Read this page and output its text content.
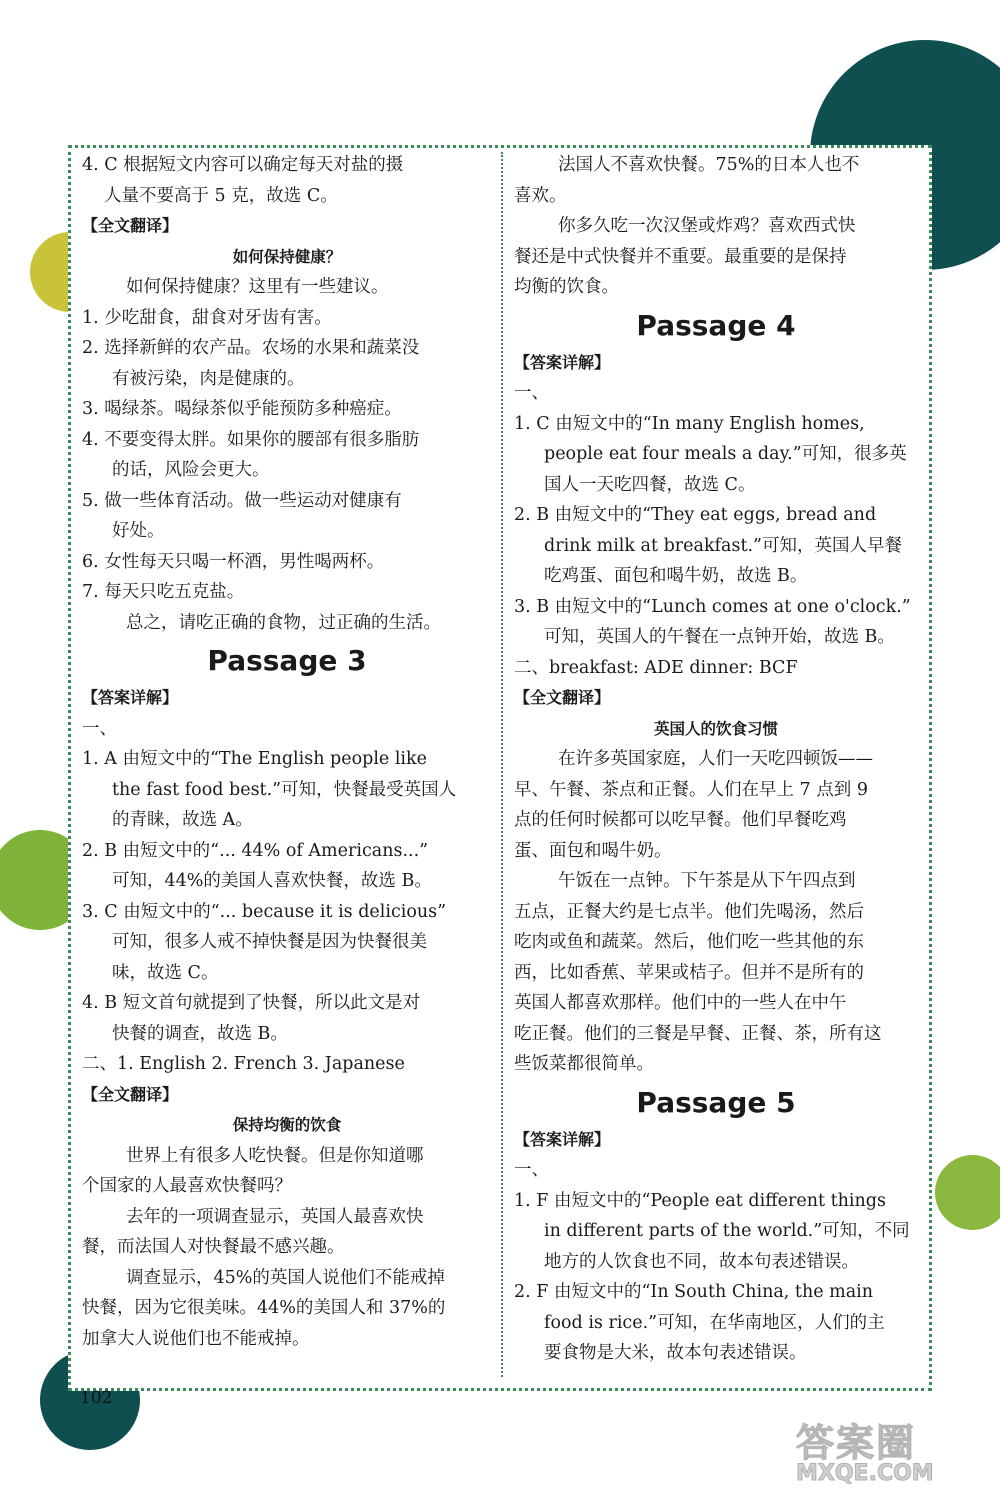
4. C 根据短文内容可以确定每天对盐的摄
人量不要高于 5 克，故选 C。
【全文翻译】
如何保持健康？
如何保持健康？这里有一些建议。
1. 少吃甜食，甜食对牙齿有害。
2. 选择新鲜的农产品。农场的水果和蔬菜没
有被污染，肉是健康的。
3. 喝绿茶。喝绿茶似乎能预防多种癌症。
4. 不要变得太胖。如果你的腰部有很多脂肪
的话，风险会更大。
5. 做一些体育活动。做一些运动对健康有
好处。
6. 女性每天只喝一杯酒，男性喝两杯。
7. 每天只吃五克盐。
总之，请吃正确的食物，过正确的生活。
Passage 3
【答案详解】
一、
1. A 由短文中的“The English people like
the fast food best.”可知，快餐最受英国人
的青睐，故选 A。
2. B 由短文中的“... 44% of Americans...”
可知，44%的美国人喜欢快餐，故选 B。
3. C 由短文中的“... because it is delicious”
可知，很多人戒不掉快餐是因为快餐很美
味，故选 C。
4. B 短文首句就提到了快餐，所以此文是对
快餐的调查，故选 B。
二、1. English 2. French 3. Japanese
【全文翻译】
保持均衡的饮食
世界上有很多人吃快餐。但是你知道哪
个国家的人最喜欢快餐吗？
去年的一项调查显示，英国人最喜欢快
餐，而法国人对快餐最不感兴趣。
调查显示，45%的英国人说他们不能戒掉
快餐，因为它很美味。44%的美国人和 37%的
加拿大人说他们也不能戒掉。
法国人不喜欢快餐。75%的日本人也不
喜欢。
你多久吃一次汉堡或炸鸡？喜欢西式快
餐还是中式快餐并不重要。最重要的是保持
均衡的饮食。
Passage 4
【答案详解】
一、
1. C 由短文中的“In many English homes,
people eat four meals a day.”可知，很多英
国人一天吃四餐，故选 C。
2. B 由短文中的“They eat eggs, bread and
drink milk at breakfast.”可知，英国人早餐
吃鸡蛋、面包和喝牛奶，故选 B。
3. B 由短文中的“Lunch comes at one o'clock.”
可知，英国人的午餐在一点钟开始，故选 B。
二、breakfast: ADE dinner: BCF
【全文翻译】
英国人的饮食习惯
在许多英国家庭，人们一天吃四顿饭——
早、午餐、茶点和正餐。人们在早上 7 点到 9
点的任何时候都可以吃早餐。他们早餐吃鸡
蛋、面包和喝牛奶。
午饭在一点钟。下午茶是从下午四点到
五点，正餐大约是七点半。他们先喝汤，然后
吃肉或鱼和蔬菜。然后，他们吃一些其他的东
西，比如香蕉、苹果或桔子。但并不是所有的
英国人都喜欢那样。他们中的一些人在中午
吃正餐。他们的三餐是早餐、正餐、茶，所有这
些饭菜都很简单。
Passage 5
【答案详解】
一、
1. F 由短文中的“People eat different things
in different parts of the world.”可知，不同
地方的人饮食也不同，故本句表述错误。
2. F 由短文中的“In South China, the main
food is rice.”可知，在华南地区，人们的主
要食物是大米，故本句表述错误。
102
答案圈
MXQE.COM
